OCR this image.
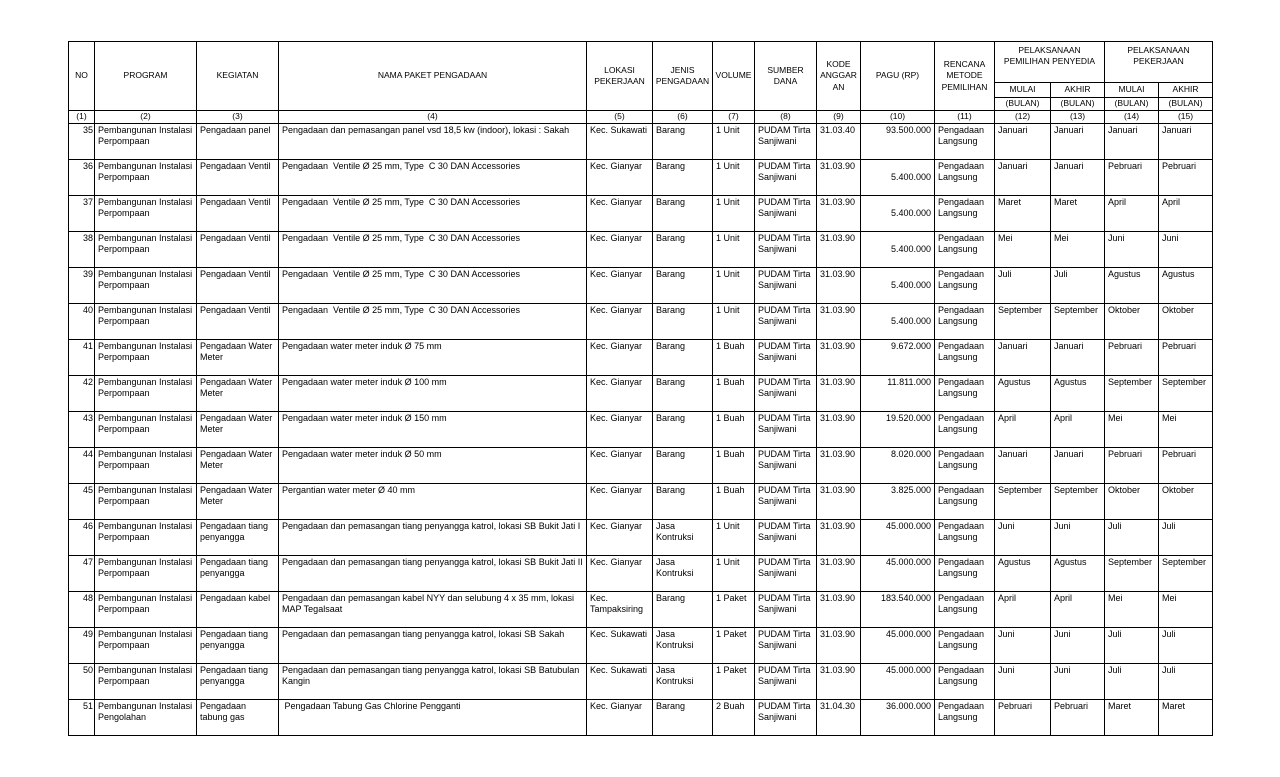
NO	PROGRAM	KEGIATAN	NAMA PAKET PENGADAAN	LOKASI PEKERJAAN	JENIS PENGADAAN	VOLUME	SUMBER DANA	KODE ANGGARAN	PAGU (RP)	RENCANA METODE PEMILIHAN	PELAKSANAAN PEMILIHAN PENYEDIA		PELAKSANAAN PEKERJAAN	
											MULAI	AKHIR	MULAI	AKHIR
											(BULAN)	(BULAN)	(BULAN)	(BULAN)
(1)	(2)	(3)	(4)	(5)	(6)	(7)	(8)	(9)	(10)	(11)	(12)	(13)	(14)	(15)
35	Pembangunan Instalasi Perpompaan	Pengadaan panel	Pengadaan dan pemasangan panel vsd 18,5 kw (indoor), lokasi : Sakah	Kec. Sukawati	Barang	1 Unit	PUDAM Tirta Sanjiwani	31.03.40	93.500.000	Pengadaan Langsung	Januari	Januari	Januari	Januari
36	Pembangunan Instalasi Perpompaan	Pengadaan Ventil	Pengadaan  Ventile Ø 25 mm, Type  C 30 DAN Accessories	Kec. Gianyar	Barang	1 Unit	PUDAM Tirta Sanjiwani	31.03.90	5.400.000	Pengadaan Langsung	Januari	Januari	Pebruari	Pebruari
37	Pembangunan Instalasi Perpompaan	Pengadaan Ventil	Pengadaan  Ventile Ø 25 mm, Type  C 30 DAN Accessories	Kec. Gianyar	Barang	1 Unit	PUDAM Tirta Sanjiwani	31.03.90	5.400.000	Pengadaan Langsung	Maret	Maret	April	April
38	Pembangunan Instalasi Perpompaan	Pengadaan Ventil	Pengadaan  Ventile Ø 25 mm, Type  C 30 DAN Accessories	Kec. Gianyar	Barang	1 Unit	PUDAM Tirta Sanjiwani	31.03.90	5.400.000	Pengadaan Langsung	Mei	Mei	Juni	Juni
39	Pembangunan Instalasi Perpompaan	Pengadaan Ventil	Pengadaan  Ventile Ø 25 mm, Type  C 30 DAN Accessories	Kec. Gianyar	Barang	1 Unit	PUDAM Tirta Sanjiwani	31.03.90	5.400.000	Pengadaan Langsung	Juli	Juli	Agustus	Agustus
40	Pembangunan Instalasi Perpompaan	Pengadaan Ventil	Pengadaan  Ventile Ø 25 mm, Type  C 30 DAN Accessories	Kec. Gianyar	Barang	1 Unit	PUDAM Tirta Sanjiwani	31.03.90	5.400.000	Pengadaan Langsung	September	September	Oktober	Oktober
41	Pembangunan Instalasi Perpompaan	Pengadaan Water Meter	Pengadaan water meter induk Ø 75 mm	Kec. Gianyar	Barang	1 Buah	PUDAM Tirta Sanjiwani	31.03.90	9.672.000	Pengadaan Langsung	Januari	Januari	Pebruari	Pebruari
42	Pembangunan Instalasi Perpompaan	Pengadaan Water Meter	Pengadaan water meter induk Ø 100 mm	Kec. Gianyar	Barang	1 Buah	PUDAM Tirta Sanjiwani	31.03.90	11.811.000	Pengadaan Langsung	Agustus	Agustus	September	September
43	Pembangunan Instalasi Perpompaan	Pengadaan Water Meter	Pengadaan water meter induk Ø 150 mm	Kec. Gianyar	Barang	1 Buah	PUDAM Tirta Sanjiwani	31.03.90	19.520.000	Pengadaan Langsung	April	April	Mei	Mei
44	Pembangunan Instalasi Perpompaan	Pengadaan Water Meter	Pengadaan water meter induk Ø 50 mm	Kec. Gianyar	Barang	1 Buah	PUDAM Tirta Sanjiwani	31.03.90	8.020.000	Pengadaan Langsung	Januari	Januari	Pebruari	Pebruari
45	Pembangunan Instalasi Perpompaan	Pengadaan Water Meter	Pergantian water meter Ø 40 mm	Kec. Gianyar	Barang	1 Buah	PUDAM Tirta Sanjiwani	31.03.90	3.825.000	Pengadaan Langsung	September	September	Oktober	Oktober
46	Pembangunan Instalasi Perpompaan	Pengadaan tiang penyangga	Pengadaan dan pemasangan tiang penyangga katrol, lokasi SB Bukit Jati I	Kec. Gianyar	Jasa Kontruksi	1 Unit	PUDAM Tirta Sanjiwani	31.03.90	45.000.000	Pengadaan Langsung	Juni	Juni	Juli	Juli
47	Pembangunan Instalasi Perpompaan	Pengadaan tiang penyangga	Pengadaan dan pemasangan tiang penyangga katrol, lokasi SB Bukit Jati II	Kec. Gianyar	Jasa Kontruksi	1 Unit	PUDAM Tirta Sanjiwani	31.03.90	45.000.000	Pengadaan Langsung	Agustus	Agustus	September	September
48	Pembangunan Instalasi Perpompaan	Pengadaan kabel	Pengadaan dan pemasangan kabel NYY dan selubung 4 x 35 mm, lokasi MAP Tegalsaat	Kec. Tampaksiring	Barang	1 Paket	PUDAM Tirta Sanjiwani	31.03.90	183.540.000	Pengadaan Langsung	April	April	Mei	Mei
49	Pembangunan Instalasi Perpompaan	Pengadaan tiang penyangga	Pengadaan dan pemasangan tiang penyangga katrol, lokasi SB Sakah	Kec. Sukawati	Jasa Kontruksi	1 Paket	PUDAM Tirta Sanjiwani	31.03.90	45.000.000	Pengadaan Langsung	Juni	Juni	Juli	Juli
50	Pembangunan Instalasi Perpompaan	Pengadaan tiang penyangga	Pengadaan dan pemasangan tiang penyangga katrol, lokasi SB Batubulan Kangin	Kec. Sukawati	Jasa Kontruksi	1 Paket	PUDAM Tirta Sanjiwani	31.03.90	45.000.000	Pengadaan Langsung	Juni	Juni	Juli	Juli
51	Pembangunan Instalasi Pengolahan	Pengadaan tabung gas	Pengadaan Tabung Gas Chlorine Pengganti	Kec. Gianyar	Barang	2 Buah	PUDAM Tirta Sanjiwani	31.04.30	36.000.000	Pengadaan Langsung	Pebruari	Pebruari	Maret	Maret
